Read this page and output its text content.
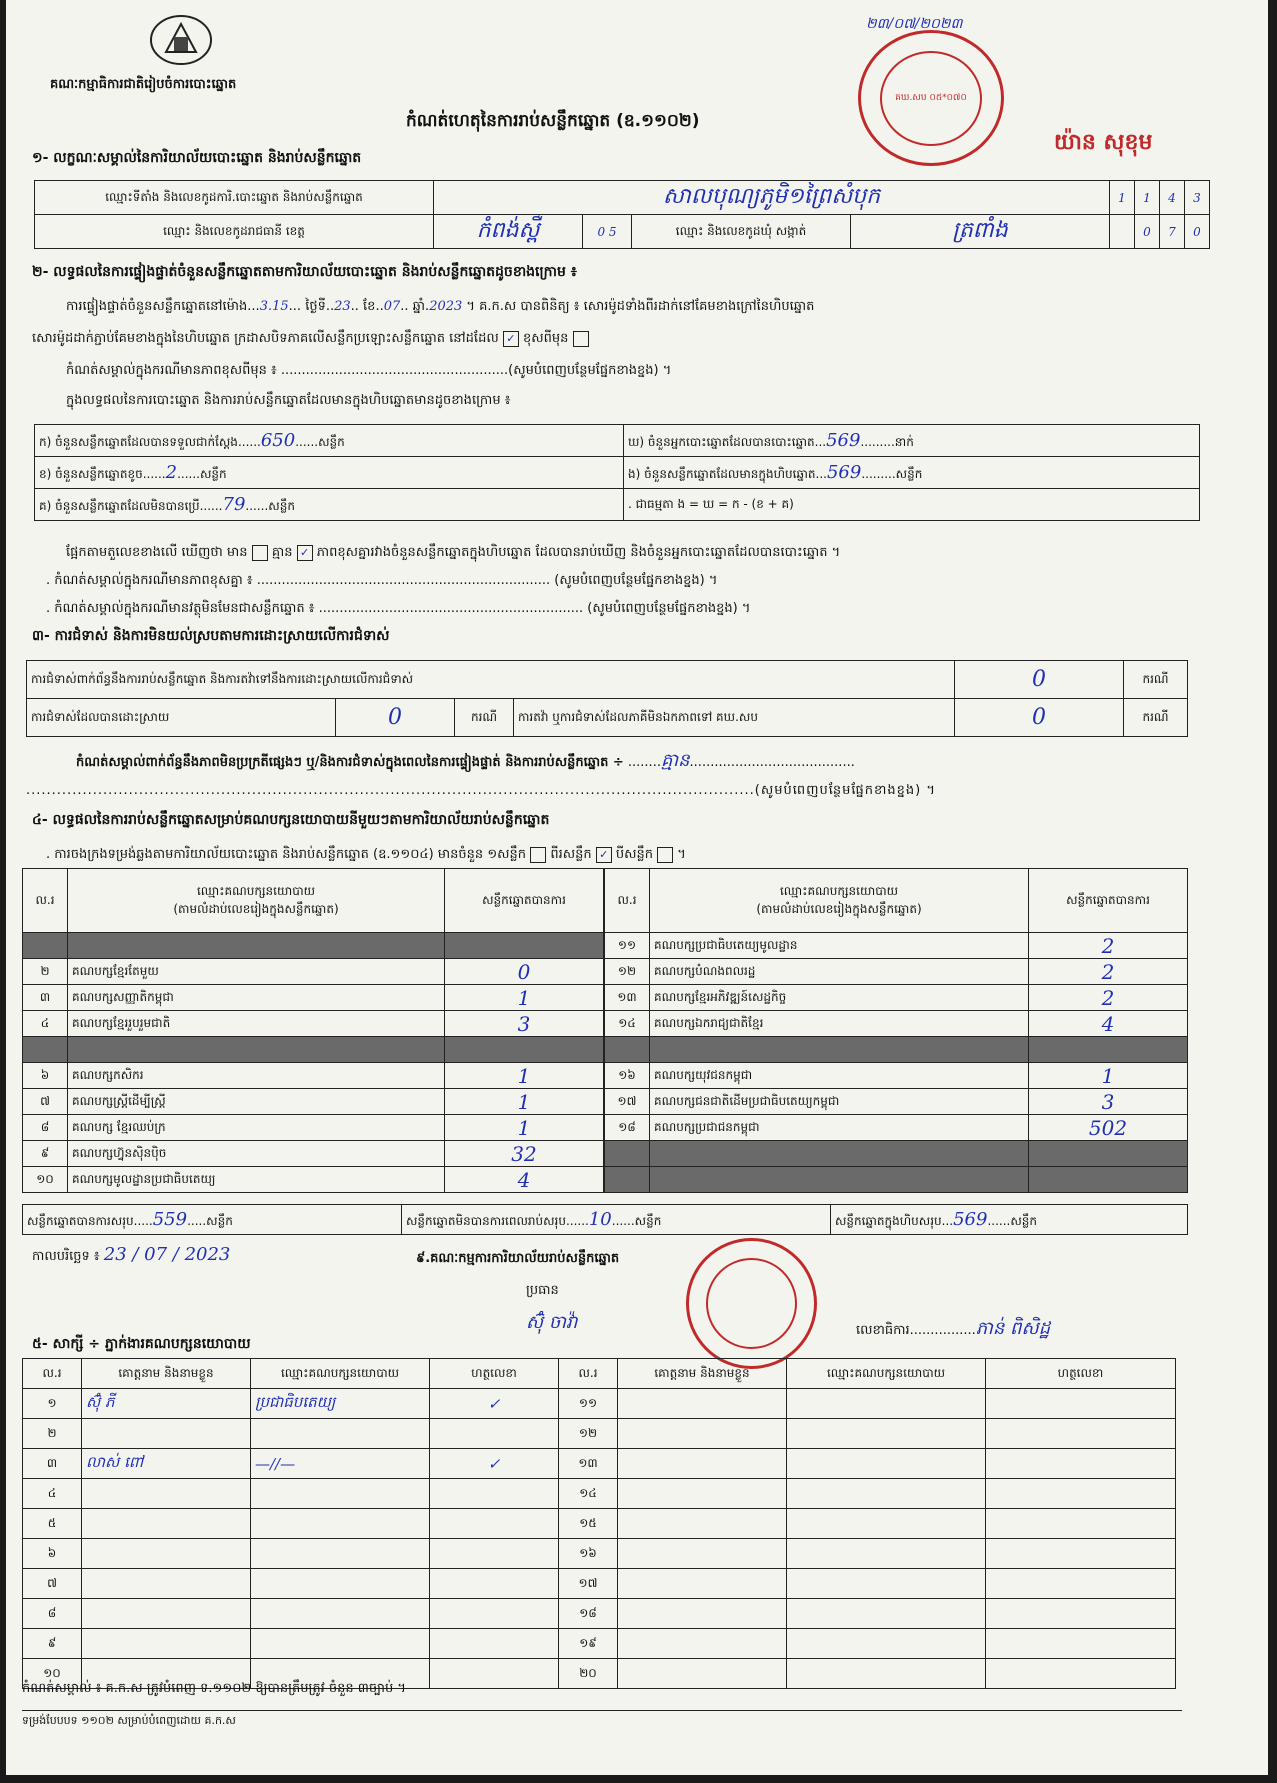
គណៈកម្មាធិការជាតិរៀបចំការបោះឆ្នោត
កំណត់ហេតុនៃការរាប់សន្លឹកឆ្នោត (ឧ.១១០២)
គឃ.សប ០៥*០៧០
២៣/០៧/២០២៣
យ៉ាន សុខុម
១- លក្ខណៈសម្គាល់នៃការិយាល័យបោះឆ្នោត និងរាប់សន្លឹកឆ្នោត
ឈ្មោះទីតាំង និងលេខកូដការិ.បោះឆ្នោត និងរាប់សន្លឹកឆ្នោត	សាលបុណ្យភូមិ១ព្រៃសំបុក				1	1	4	3
ឈ្មោះ និងលេខកូដរាជធានី ខេត្ត	កំពង់ស្ពឺ	0 5	ឈ្មោះ និងលេខកូដឃុំ សង្កាត់	ត្រពាំង		0	7	0
២- លទ្ធផលនៃការផ្ទៀងផ្ទាត់ចំនួនសន្លឹកឆ្នោតតាមការិយាល័យបោះឆ្នោត និងរាប់សន្លឹកឆ្នោតដូចខាងក្រោម ៖
ការផ្ទៀងផ្ទាត់ចំនួនសន្លឹកឆ្នោតនៅម៉ោង...3.15... ថ្ងៃទី..23.. ខែ..07.. ឆ្នាំ.2023 ។ គ.ក.ស បានពិនិត្យ ៖ សោរម៉ូដទាំងពីរដាក់នៅគែមខាងក្រៅនៃហិបឆ្នោត
សោរម៉ូដដាក់ភ្ជាប់គែមខាងក្នុងនៃហិបឆ្នោត ក្រដាសបិទភាគលើសន្លឹកប្រឡោះសន្លឹកឆ្នោត នៅដដែល ✓ ខុសពីមុន
កំណត់សម្គាល់ក្នុងករណីមានភាពខុសពីមុន ៖ .......................................................(សូមបំពេញបន្ថែមផ្នែកខាងខ្នង) ។
ក្នុងលទ្ធផលនៃការបោះឆ្នោត និងការរាប់សន្លឹកឆ្នោតដែលមានក្នុងហិបឆ្នោតមានដូចខាងក្រោម ៖
ក) ចំនួនសន្លឹកឆ្នោតដែលបានទទួលជាក់ស្ដែង......650......សន្លឹក	ឃ) ចំនួនអ្នកបោះឆ្នោតដែលបានបោះឆ្នោត...569.........នាក់
ខ) ចំនួនសន្លឹកឆ្នោតខូច......2......សន្លឹក	ង) ចំនួនសន្លឹកឆ្នោតដែលមានក្នុងហិបឆ្នោត...569.........សន្លឹក
គ) ចំនួនសន្លឹកឆ្នោតដែលមិនបានប្រើ......79......សន្លឹក	. ជាធម្មតា ង = ឃ = ក - (ខ + គ)
ផ្អែកតាមតួលេខខាងលើ ឃើញថា មាន គ្មាន ✓ ភាពខុសគ្នារវាងចំនួនសន្លឹកឆ្នោតក្នុងហិបឆ្នោត ដែលបានរាប់ឃើញ និងចំនួនអ្នកបោះឆ្នោតដែលបានបោះឆ្នោត ។
. កំណត់សម្គាល់ក្នុងករណីមានភាពខុសគ្នា ៖ ....................................................................... (សូមបំពេញបន្ថែមផ្នែកខាងខ្នង) ។
. កំណត់សម្គាល់ក្នុងករណីមានវត្ថុមិនមែនជាសន្លឹកឆ្នោត ៖ ................................................................ (សូមបំពេញបន្ថែមផ្នែកខាងខ្នង) ។
៣- ការជំទាស់ និងការមិនយល់ស្របតាមការដោះស្រាយលើការជំទាស់
ការជំទាស់ពាក់ព័ន្ធនឹងការរាប់សន្លឹកឆ្នោត និងការតវ៉ាទៅនឹងការដោះស្រាយលើការជំទាស់				0	ករណី
ការជំទាស់ដែលបានដោះស្រាយ	0	ករណី	ការតវ៉ា ឬការជំទាស់ដែលភាគីមិនឯកភាពទៅ គឃ.សប	0	ករណី
កំណត់សម្គាល់ពាក់ព័ន្ធនឹងភាពមិនប្រក្រតីផ្សេងៗ ឬ/និងការជំទាស់ក្នុងពេលនៃការផ្ទៀងផ្ទាត់ និងការរាប់សន្លឹកឆ្នោត ÷ ........គ្មាន........................................
..............................................................................................................................................(សូមបំពេញបន្ថែមផ្នែកខាងខ្នង) ។
៤- លទ្ធផលនៃការរាប់សន្លឹកឆ្នោតសម្រាប់គណបក្សនយោបាយនីមួយៗតាមការិយាល័យរាប់សន្លឹកឆ្នោត
. ការចងក្រងទម្រង់ឆ្លងតាមការិយាល័យបោះឆ្នោត និងរាប់សន្លឹកឆ្នោត (ឧ.១១០៤) មានចំនួន ១សន្លឹក ពីរសន្លឹក ✓ បីសន្លឹក  ។
ល.រ	ឈ្មោះគណបក្សនយោបាយ
(តាមលំដាប់លេខរៀងក្នុងសន្លឹកឆ្នោត)	សន្លឹកឆ្នោតបានការ

២	គណបក្សខ្មែរតែមួយ	0
៣	គណបក្សសញ្ញាតិកម្ពុជា	1
៤	គណបក្សខ្មែររួបរួមជាតិ	3

៦	គណបក្សកសិករ	1
៧	គណបក្សស្ត្រីដើម្បីស្ត្រី	1
៨	គណបក្ស ខ្មែរឈប់ក្រ	1
៩	គណបក្សហ្វ៊ុនស៊ិនប៉ិច	32
១០	គណបក្សមូលដ្ឋានប្រជាធិបតេយ្យ	4
ល.រ	ឈ្មោះគណបក្សនយោបាយ
(តាមលំដាប់លេខរៀងក្នុងសន្លឹកឆ្នោត)	សន្លឹកឆ្នោតបានការ
១១	គណបក្សប្រជាធិបតេយ្យមូលដ្ឋាន	2
១២	គណបក្សបំណងពលរដ្ឋ	2
១៣	គណបក្សខ្មែរអភិវឌ្ឍន៍សេដ្ឋកិច្ច	2
១៤	គណបក្សឯករាជ្យជាតិខ្មែរ	4

១៦	គណបក្សយុវជនកម្ពុជា	1
១៧	គណបក្សជនជាតិដើមប្រជាធិបតេយ្យកម្ពុជា	3
១៨	គណបក្សប្រជាជនកម្ពុជា	502

សន្លឹកឆ្នោតបានការសរុប.....559.....សន្លឹក	សន្លឹកឆ្នោតមិនបានការពេលរាប់សរុប......10......សន្លឹក	សន្លឹកឆ្នោតក្នុងហិបសរុប...569......សន្លឹក
កាលបរិច្ឆេទ ៖ 23 / 07 / 2023	៩.គណៈកម្មការការិយាល័យរាប់សន្លឹកឆ្នោត
ប្រធាន
ស៊ុំ ចាវ៉ា	លេខាធិការ................ភាន់ ពិសិដ្ឋ
៥- សាក្សី ÷ ភ្នាក់ងារគណបក្សនយោបាយ
ល.រ	គោត្តនាម និងនាមខ្លួន	ឈ្មោះគណបក្សនយោបាយ	ហត្ថលេខា	ល.រ	គោត្តនាម និងនាមខ្លួន	ឈ្មោះគណបក្សនយោបាយ	ហត្ថលេខា
១	ស៊ុំ ភី	ប្រជាធិបតេយ្យ	✓	១១			
២				១២			
៣	លាស់ ពៅ	—//—	✓	១៣			
៤				១៤			
៥				១៥			
៦				១៦			
៧				១៧			
៨				១៨			
៩				១៩			
១០				២០			
កំណត់សម្គាល់ ៖ គ.ក.ស ត្រូវបំពេញ ទ.១១០២ ឱ្យបានត្រឹមត្រូវ ចំនួន ៣ច្បាប់ ។
ទម្រង់បែបបទ ១១០២ សម្រាប់បំពេញដោយ គ.ក.ស
